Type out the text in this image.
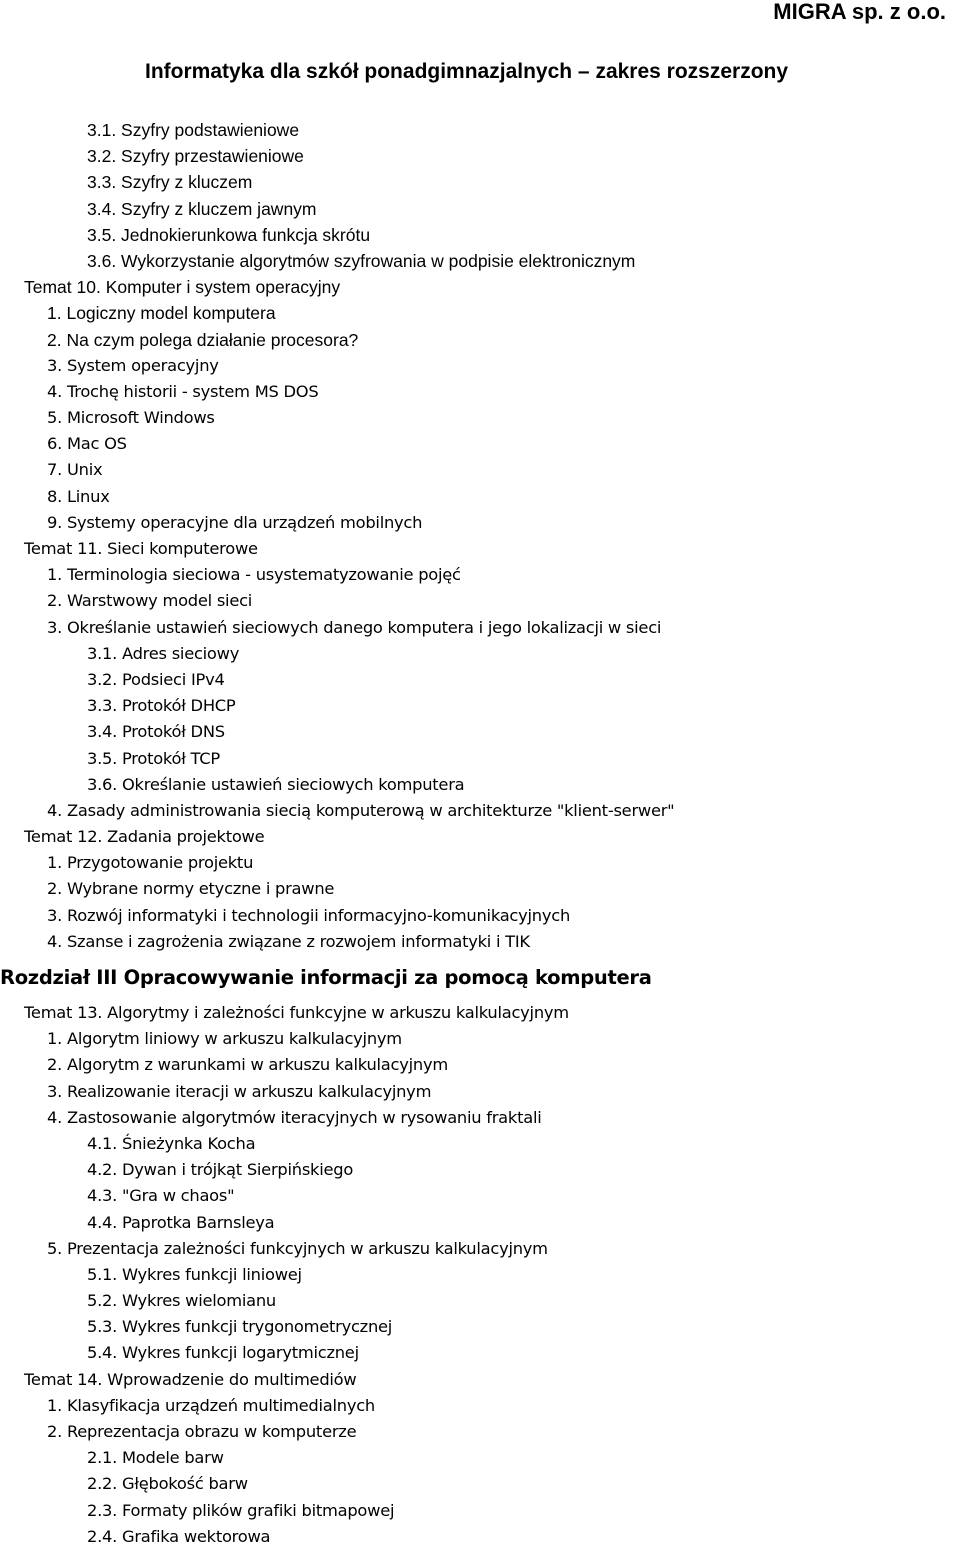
MIGRA sp. z o.o.
Informatyka dla szkół ponadgimnazjalnych – zakres rozszerzony
3.1. Szyfry podstawieniowe
3.2. Szyfry przestawieniowe
3.3. Szyfry z kluczem
3.4. Szyfry z kluczem jawnym
3.5. Jednokierunkowa funkcja skrótu
3.6. Wykorzystanie algorytmów szyfrowania w podpisie elektronicznym
Temat 10. Komputer i system operacyjny
1. Logiczny model komputera
2. Na czym polega działanie procesora?
3. System operacyjny
4. Trochę historii - system MS DOS
5. Microsoft Windows
6. Mac OS
7. Unix
8. Linux
9. Systemy operacyjne dla urządzeń mobilnych
Temat 11. Sieci komputerowe
1. Terminologia sieciowa - usystematyzowanie pojęć
2. Warstwowy model sieci
3. Określanie ustawień sieciowych danego komputera i jego lokalizacji w sieci
3.1. Adres sieciowy
3.2. Podsieci IPv4
3.3. Protokół DHCP
3.4. Protokół DNS
3.5. Protokół TCP
3.6. Określanie ustawień sieciowych komputera
4. Zasady administrowania siecią komputerową w architekturze "klient-serwer"
Temat 12. Zadania projektowe
1. Przygotowanie projektu
2. Wybrane normy etyczne i prawne
3. Rozwój informatyki i technologii informacyjno-komunikacyjnych
4. Szanse i zagrożenia związane z rozwojem informatyki i TIK
Rozdział III Opracowywanie informacji za pomocą komputera
Temat 13. Algorytmy i zależności funkcyjne w arkuszu kalkulacyjnym
1. Algorytm liniowy w arkuszu kalkulacyjnym
2. Algorytm z warunkami w arkuszu kalkulacyjnym
3. Realizowanie iteracji w arkuszu kalkulacyjnym
4. Zastosowanie algorytmów iteracyjnych w rysowaniu fraktali
4.1. Śnieżynka Kocha
4.2. Dywan i trójkąt Sierpińskiego
4.3. "Gra w chaos"
4.4. Paprotka Barnsleya
5. Prezentacja zależności funkcyjnych w arkuszu kalkulacyjnym
5.1. Wykres funkcji liniowej
5.2. Wykres wielomianu
5.3. Wykres funkcji trygonometrycznej
5.4. Wykres funkcji logarytmicznej
Temat 14. Wprowadzenie do multimediów
1. Klasyfikacja urządzeń multimedialnych
2. Reprezentacja obrazu w komputerze
2.1. Modele barw
2.2. Głębokość barw
2.3. Formaty plików grafiki bitmapowej
2.4. Grafika wektorowa
